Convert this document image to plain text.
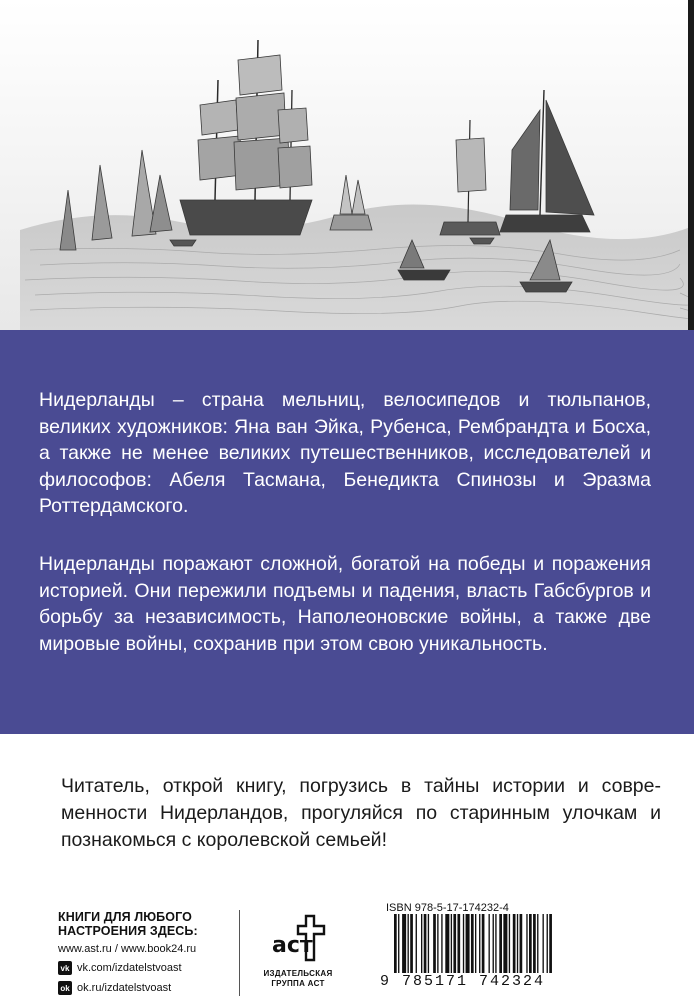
Нидерланды – страна мельниц, велосипедов и тюльпанов, великих художников: Яна ван Эйка, Рубенса, Рембрандта и Босха, а также не менее великих путешественников, исследователей и философов: Абеля Тасмана, Бенедикта Спинозы и Эразма Роттердамского.

Нидерланды поражают сложной, богатой на победы и поражения историей. Они пережили подъемы и падения, власть Габсбургов и борьбу за независимость, Наполеоновские войны, а также две мировые войны, сохранив при этом свою уникальность.

Читатель, открой книгу, погрузись в тайны истории и современности Нидерландов, прогуляйся по старинным улочкам и познакомься с королевской семьей!

КНИГИ ДЛЯ ЛЮБОГО
НАСТРОЕНИЯ ЗДЕСЬ:
www.ast.ru / www.book24.ru
vk vk.com/izdatelstvoast
ok ok.ru/izdatelstvoast
acт
ИЗДАТЕЛЬСКАЯ
ГРУППА АСТ
ISBN 978-5-17-174232-4
9 785171 742324
